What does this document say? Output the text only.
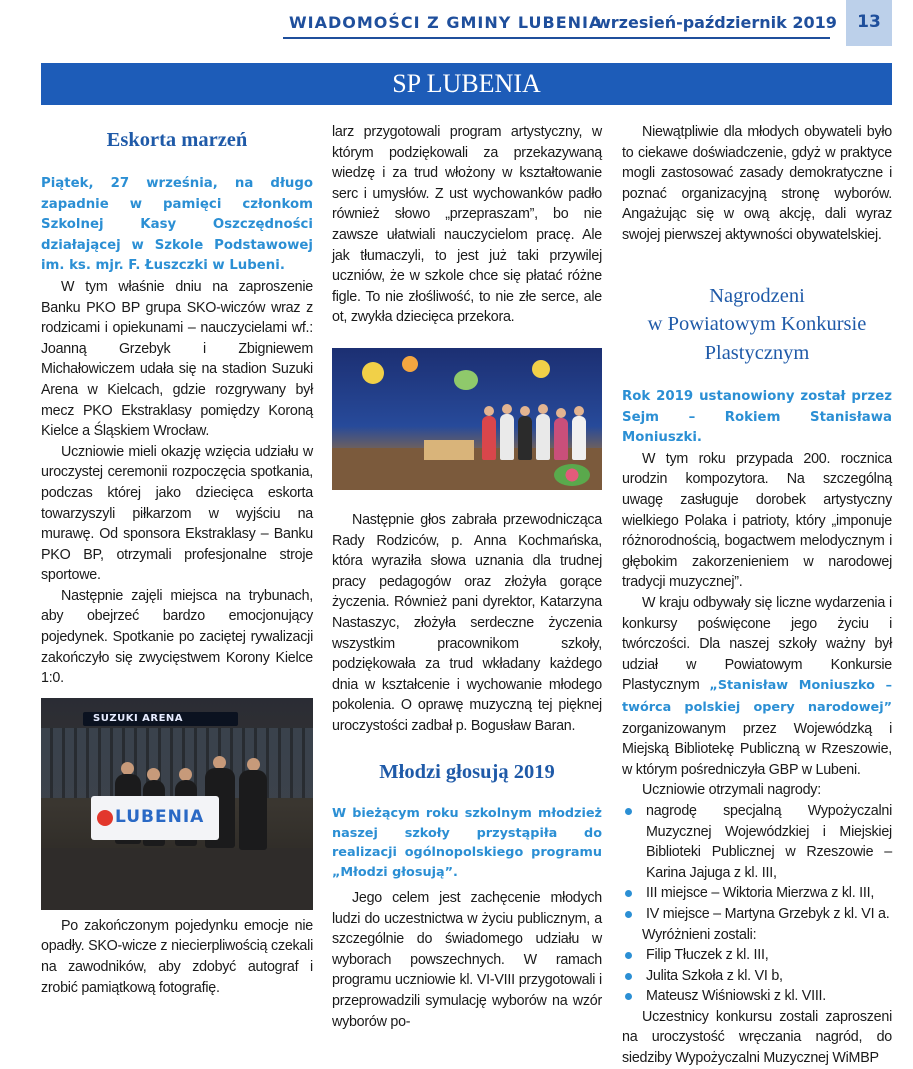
WIADOMOŚCI Z GMINY LUBENIA
wrzesień-październik 2019	13
SP LUBENIA
Eskorta marzeń

Piątek, 27 września, na długo zapadnie w pamięci członkom Szkolnej Kasy Oszczędności działającej w Szkole Podstawowej im. ks. mjr. F. Łuszczki w Lubeni.

W tym właśnie dniu na zaproszenie Banku PKO BP grupa SKO-wiczów wraz z rodzicami i opiekunami – nauczycielami wf.: Joanną Grzebyk i Zbigniewem Michałowiczem udała się na stadion Suzuki Arena w Kielcach, gdzie rozgrywany był mecz PKO Ekstraklasy pomiędzy Koroną Kielce a Śląskiem Wrocław.

Uczniowie mieli okazję wzięcia udziału w uroczystej ceremonii rozpoczęcia spotkania, podczas której jako dziecięca eskorta towarzyszyli piłkarzom w wyjściu na murawę. Od sponsora Ekstraklasy – Banku PKO BP, otrzymali profesjonalne stroje sportowe.

Następnie zajęli miejsca na trybunach, aby obejrzeć bardzo emocjonujący pojedynek. Spotkanie po zaciętej rywalizacji zakończyło się zwycięstwem Korony Kielce 1:0.

SUZUKI ARENA
LUBENIA

Po zakończonym pojedynku emocje nie opadły. SKO-wicze z niecierpliwością czekali na zawodników, aby zdobyć autograf i zrobić pamiątkową fotografię.

larz przygotowali program artystyczny, w którym podziękowali za przekazywaną wiedzę i za trud włożony w kształtowanie serc i umysłów. Z ust wychowanków padło również słowo „przepraszam”, bo nie zawsze ułatwiali nauczycielom pracę. Ale jak tłumaczyli, to jest już taki przywilej uczniów, że w szkole chce się płatać różne figle. To nie złośliwość, to nie złe serce, ale ot, zwykła dziecięca przekora.

Następnie głos zabrała przewodnicząca Rady Rodziców, p. Anna Kochmańska, która wyraziła słowa uznania dla trudnej pracy pedagogów oraz złożyła gorące życzenia. Również pani dyrektor, Katarzyna Nastaszyc, złożyła serdeczne życzenia wszystkim pracownikom szkoły, podziękowała za trud wkładany każdego dnia w kształcenie i wychowanie młodego pokolenia. O oprawę muzyczną tej pięknej uroczystości zadbał p. Bogusław Baran.

Młodzi głosują 2019

W bieżącym roku szkolnym młodzież naszej szkoły przystąpiła do realizacji ogólnopolskiego programu „Młodzi głosują”.

Jego celem jest zachęcenie młodych ludzi do uczestnictwa w życiu publicznym, a szczególnie do świadomego udziału w wyborach powszechnych. W ramach programu uczniowie kl. VI-VIII przygotowali i przeprowadzili symulację wyborów na wzór wyborów po-

Niewątpliwie dla młodych obywateli było to ciekawe doświadczenie, gdyż w praktyce mogli zastosować zasady demokratyczne i poznać organizacyjną stronę wyborów. Angażując się w ową akcję, dali wyraz swojej pierwszej aktywności obywatelskiej.

Nagrodzeni
w Powiatowym Konkursie
Plastycznym

Rok 2019 ustanowiony został przez Sejm – Rokiem Stanisława Moniuszki.

W tym roku przypada 200. rocznica urodzin kompozytora. Na szczególną uwagę zasługuje dorobek artystyczny wielkiego Polaka i patrioty, który „imponuje różnorodnością, bogactwem melodycznym i głębokim zakorzenieniem w narodowej tradycji muzycznej”.

W kraju odbywały się liczne wydarzenia i konkursy poświęcone jego życiu i twórczości. Dla naszej szkoły ważny był udział w Powiatowym Konkursie Plastycznym „Stanisław Moniuszko – twórca polskiej opery narodowej” zorganizowanym przez Wojewódzką i Miejską Bibliotekę Publiczną w Rzeszowie, w którym pośredniczyła GBP w Lubeni.

Uczniowie otrzymali nagrody:

nagrodę specjalną Wypożyczalni Muzycznej Wojewódzkiej i Miejskiej Biblioteki Publicznej w Rzeszowie – Karina Jajuga z kl. III,
III miejsce – Wiktoria Mierzwa z kl. III,
IV miejsce – Martyna Grzebyk z kl. VI a.

Wyróżnieni zostali:

Filip Tłuczek z kl. III,
Julita Szkoła z kl. VI b,
Mateusz Wiśniowski z kl. VIII.

Uczestnicy konkursu zostali zaproszeni na uroczystość wręczania nagród, do siedziby Wypożyczalni Muzycznej WiMBP
